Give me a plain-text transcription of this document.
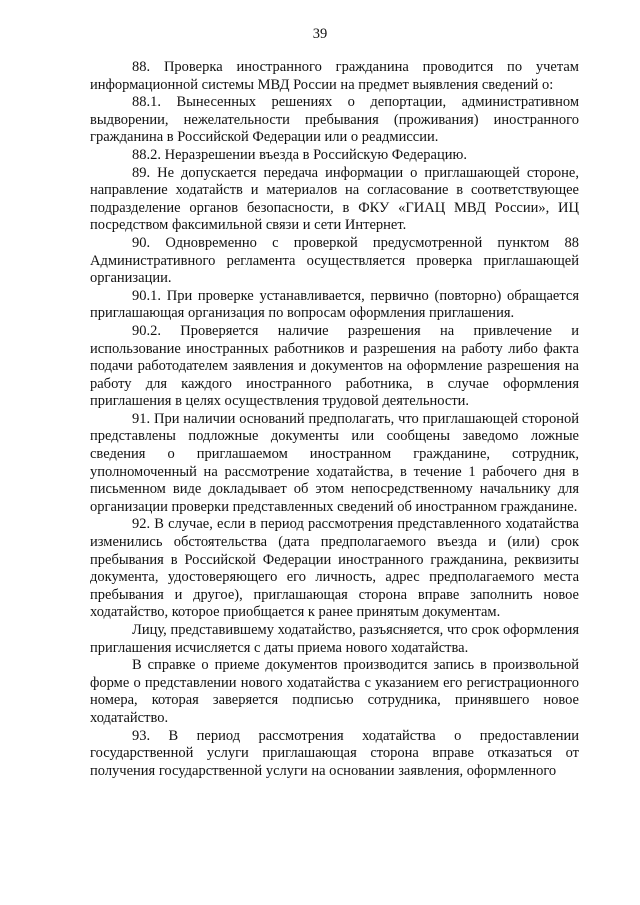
39

88. Проверка иностранного гражданина проводится по учетам информационной системы МВД России на предмет выявления сведений о:

88.1. Вынесенных решениях о депортации, административном выдворении, нежелательности пребывания (проживания) иностранного гражданина в Российской Федерации или о реадмиссии.

88.2. Неразрешении въезда в Российскую Федерацию.

89. Не допускается передача информации о приглашающей стороне, направление ходатайств и материалов на согласование в соответствующее подразделение органов безопасности, в ФКУ «ГИАЦ МВД России», ИЦ посредством факсимильной связи и сети Интернет.

90. Одновременно с проверкой предусмотренной пунктом 88 Административного регламента осуществляется проверка приглашающей организации.

90.1. При проверке устанавливается, первично (повторно) обращается приглашающая организация по вопросам оформления приглашения.

90.2. Проверяется наличие разрешения на привлечение и использование иностранных работников и разрешения на работу либо факта подачи работодателем заявления и документов на оформление разрешения на работу для каждого иностранного работника, в случае оформления приглашения в целях осуществления трудовой деятельности.

91. При наличии оснований предполагать, что приглашающей стороной представлены подложные документы или сообщены заведомо ложные сведения о приглашаемом иностранном гражданине, сотрудник, уполномоченный на рассмотрение ходатайства, в течение 1 рабочего дня в письменном виде докладывает об этом непосредственному начальнику для организации проверки представленных сведений об иностранном гражданине.

92. В случае, если в период рассмотрения представленного ходатайства изменились обстоятельства (дата предполагаемого въезда и (или) срок пребывания в Российской Федерации иностранного гражданина, реквизиты документа, удостоверяющего его личность, адрес предполагаемого места пребывания и другое), приглашающая сторона вправе заполнить новое ходатайство, которое приобщается к ранее принятым документам.

Лицу, представившему ходатайство, разъясняется, что срок оформления приглашения исчисляется с даты приема нового ходатайства.

В справке о приеме документов производится запись в произвольной форме о представлении нового ходатайства с указанием его регистрационного номера, которая заверяется подписью сотрудника, принявшего новое ходатайство.

93. В период рассмотрения ходатайства о предоставлении государственной услуги приглашающая сторона вправе отказаться от получения государственной услуги на основании заявления, оформленного
